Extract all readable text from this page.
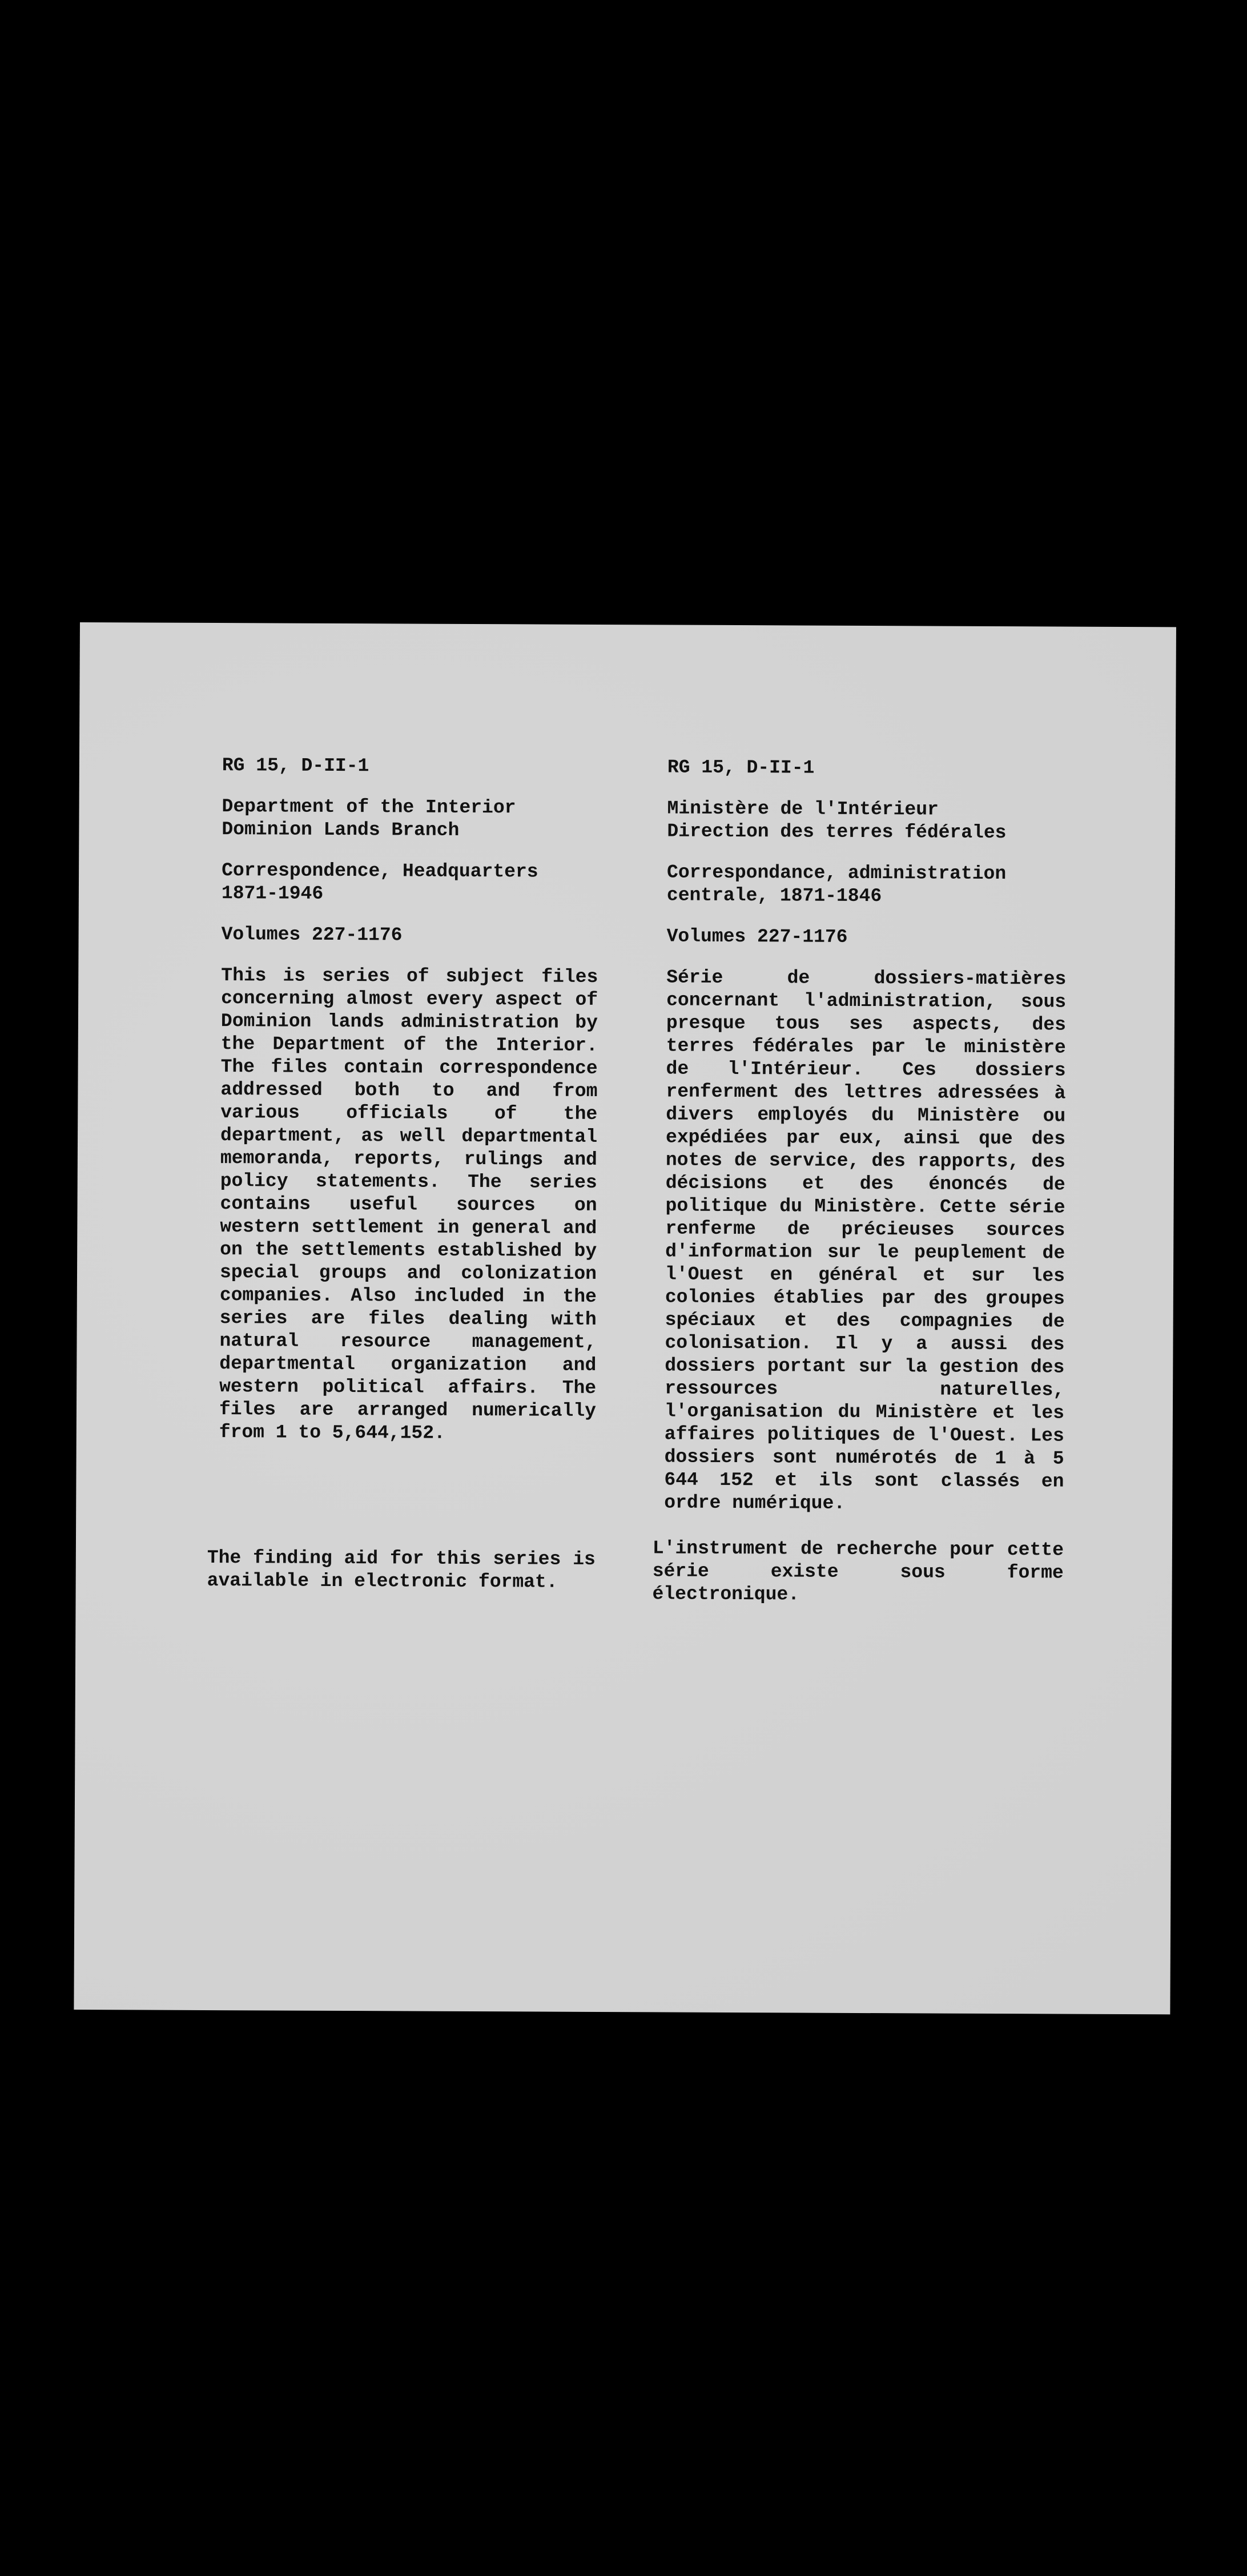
RG 15, D-II-1

Department of the Interior

Dominion Lands Branch

Correspondence, Headquarters

1871-1946

Volumes 227-1176

This is series of subject files concerning almost every aspect of Dominion lands administration by the Department of the Interior. The files contain correspondence addressed both to and from various officials of the department, as well departmental memoranda, reports, rulings and policy statements. The series contains useful sources on western settlement in general and on the settlements established by special groups and colonization companies. Also included in the series are files dealing with natural resource management, departmental organization and western political affairs. The files are arranged numerically from 1 to 5,644,152.

The finding aid for this series is available in electronic format.

RG 15, D-II-1

Ministère de l'Intérieur

Direction des terres fédérales

Correspondance, administration

centrale, 1871-1846

Volumes 227-1176

Série de dossiers-matières concernant l'administration, sous presque tous ses aspects, des terres fédérales par le ministère de l'Intérieur. Ces dossiers renferment des lettres adressées à divers employés du Ministère ou expédiées par eux, ainsi que des notes de service, des rapports, des décisions et des énoncés de politique du Ministère. Cette série renferme de précieuses sources d'information sur le peuplement de l'Ouest en général et sur les colonies établies par des groupes spéciaux et des compagnies de colonisation. Il y a aussi des dossiers portant sur la gestion des ressources naturelles, l'organisation du Ministère et les affaires politiques de l'Ouest. Les dossiers sont numérotés de 1 à 5 644 152 et ils sont classés en ordre numérique.

L'instrument de recherche pour cette série existe sous forme électronique.
